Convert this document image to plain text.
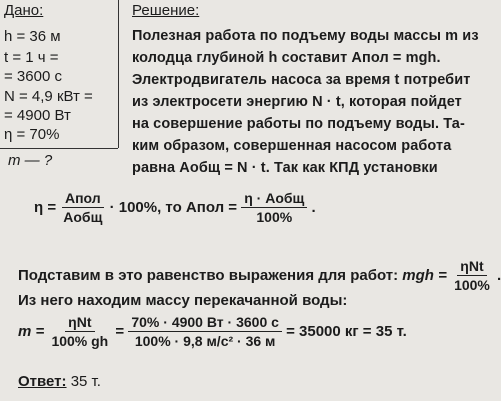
Дано:
h = 36 м
t = 1 ч =
= 3600 с
N = 4,9 кВт =
= 4900 Вт
η = 70%
m — ?
Решение:
Полезная работа по подъему воды массы m из
колодца глубиной h составит Aпол = mgh.
Электродвигатель насоса за время t потребит
из электросети энергию N · t, которая пойдет
на совершение работы по подъему воды. Та-
ким образом, совершенная насосом работа
равна Aобщ = N · t. Так как КПД установки
$\eta = \frac{\text{Aпол}}{\text{Aобщ}} \cdot 100\%$, то Aпол = $\frac{\text{η · Aобщ}}{100\%}$ .
Подставим в это равенство выражения для работ: mgh = $\frac{\text{ηNt}}{100\%}$ .
Из него находим массу перекачанной воды:
$m = \frac{\text{ηNt}}{100\% gh} = \frac{70\% \cdot 4900 Вт \cdot 3600 с}{\text{100\% · 9,8 м/с² · 36 м}} = 35000$ кг = 35 т.
Ответ: 35 т.
